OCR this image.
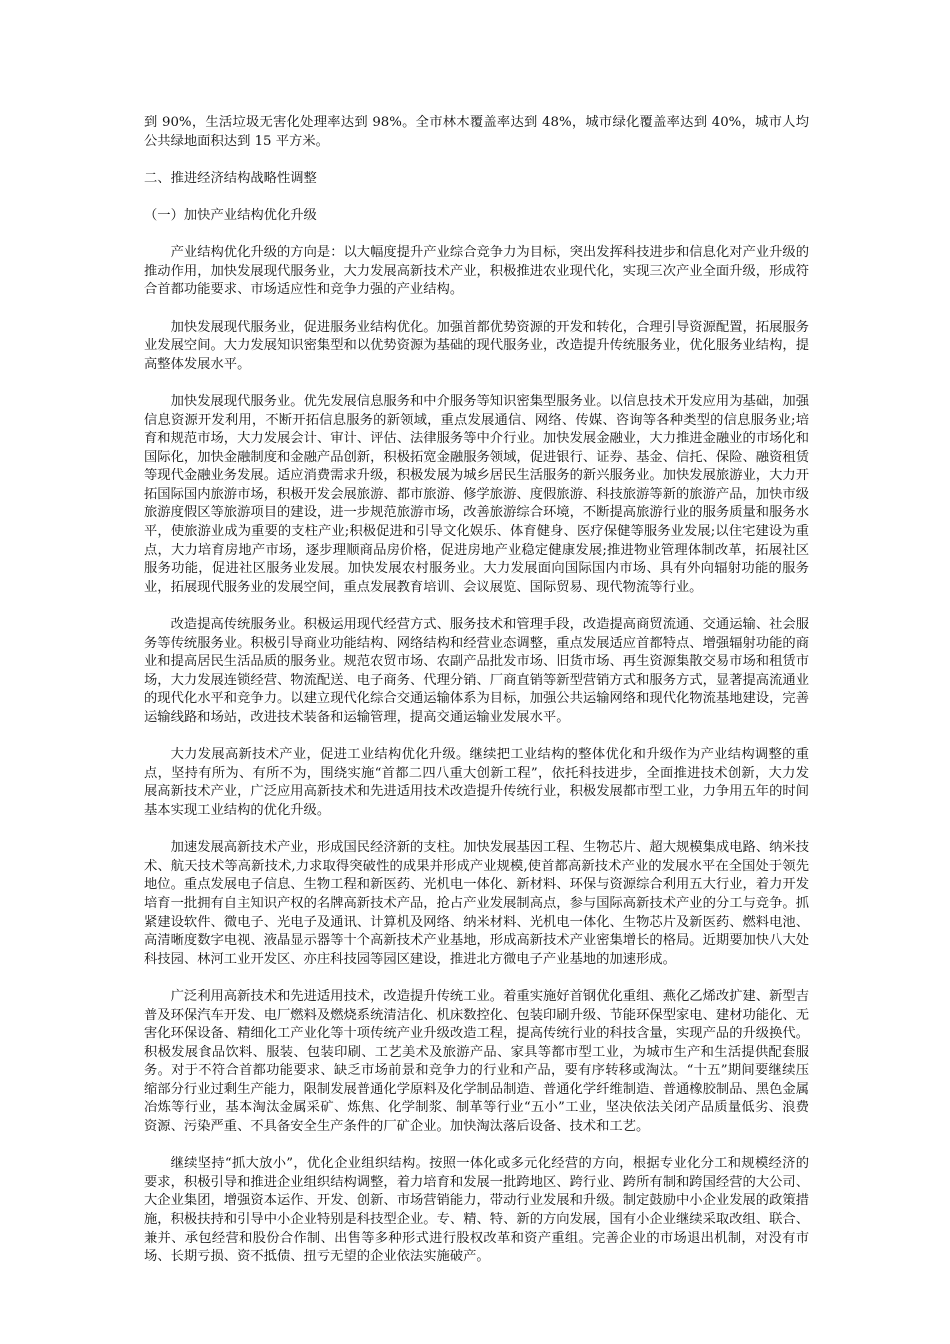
到 90%，生活垃圾无害化处理率达到 98%。全市林木覆盖率达到 48%，城市绿化覆盖率达到 40%，城市人均公共绿地面积达到 15 平方米。

二、推进经济结构战略性调整

（一）加快产业结构优化升级

产业结构优化升级的方向是：以大幅度提升产业综合竞争力为目标，突出发挥科技进步和信息化对产业升级的推动作用，加快发展现代服务业，大力发展高新技术产业，积极推进农业现代化，实现三次产业全面升级，形成符合首都功能要求、市场适应性和竞争力强的产业结构。

加快发展现代服务业，促进服务业结构优化。加强首都优势资源的开发和转化，合理引导资源配置，拓展服务业发展空间。大力发展知识密集型和以优势资源为基础的现代服务业，改造提升传统服务业，优化服务业结构，提高整体发展水平。

加快发展现代服务业。优先发展信息服务和中介服务等知识密集型服务业。以信息技术开发应用为基础，加强信息资源开发利用，不断开拓信息服务的新领域，重点发展通信、网络、传媒、咨询等各种类型的信息服务业;培育和规范市场，大力发展会计、审计、评估、法律服务等中介行业。加快发展金融业，大力推进金融业的市场化和国际化，加快金融制度和金融产品创新，积极拓宽金融服务领域，促进银行、证券、基金、信托、保险、融资租赁等现代金融业务发展。适应消费需求升级，积极发展为城乡居民生活服务的新兴服务业。加快发展旅游业，大力开拓国际国内旅游市场，积极开发会展旅游、都市旅游、修学旅游、度假旅游、科技旅游等新的旅游产品，加快市级旅游度假区等旅游项目的建设，进一步规范旅游市场，改善旅游综合环境，不断提高旅游行业的服务质量和服务水平，使旅游业成为重要的支柱产业;积极促进和引导文化娱乐、体育健身、医疗保健等服务业发展;以住宅建设为重点，大力培育房地产市场，逐步理顺商品房价格，促进房地产业稳定健康发展;推进物业管理体制改革，拓展社区服务功能，促进社区服务业发展。加快发展农村服务业。大力发展面向国际国内市场、具有外向辐射功能的服务业，拓展现代服务业的发展空间，重点发展教育培训、会议展览、国际贸易、现代物流等行业。

改造提高传统服务业。积极运用现代经营方式、服务技术和管理手段，改造提高商贸流通、交通运输、社会服务等传统服务业。积极引导商业功能结构、网络结构和经营业态调整，重点发展适应首都特点、增强辐射功能的商业和提高居民生活品质的服务业。规范农贸市场、农副产品批发市场、旧货市场、再生资源集散交易市场和租赁市场，大力发展连锁经营、物流配送、电子商务、代理分销、厂商直销等新型营销方式和服务方式，显著提高流通业的现代化水平和竞争力。以建立现代化综合交通运输体系为目标，加强公共运输网络和现代化物流基地建设，完善运输线路和场站，改进技术装备和运输管理，提高交通运输业发展水平。

大力发展高新技术产业，促进工业结构优化升级。继续把工业结构的整体优化和升级作为产业结构调整的重点，坚持有所为、有所不为，围绕实施“首都二四八重大创新工程”，依托科技进步，全面推进技术创新，大力发展高新技术产业，广泛应用高新技术和先进适用技术改造提升传统行业，积极发展都市型工业，力争用五年的时间基本实现工业结构的优化升级。

加速发展高新技术产业，形成国民经济新的支柱。加快发展基因工程、生物芯片、超大规模集成电路、纳米技术、航天技术等高新技术,力求取得突破性的成果并形成产业规模,使首都高新技术产业的发展水平在全国处于领先地位。重点发展电子信息、生物工程和新医药、光机电一体化、新材料、环保与资源综合利用五大行业，着力开发培育一批拥有自主知识产权的名牌高新技术产品，抢占产业发展制高点，参与国际高新技术产业的分工与竞争。抓紧建设软件、微电子、光电子及通讯、计算机及网络、纳米材料、光机电一体化、生物芯片及新医药、燃料电池、高清晰度数字电视、液晶显示器等十个高新技术产业基地，形成高新技术产业密集增长的格局。近期要加快八大处科技园、林河工业开发区、亦庄科技园等园区建设，推进北方微电子产业基地的加速形成。

广泛利用高新技术和先进适用技术，改造提升传统工业。着重实施好首钢优化重组、燕化乙烯改扩建、新型吉普及环保汽车开发、电厂燃料及燃烧系统清洁化、机床数控化、包装印刷升级、节能环保型家电、建材功能化、无害化环保设备、精细化工产业化等十项传统产业升级改造工程，提高传统行业的科技含量，实现产品的升级换代。积极发展食品饮料、服装、包装印刷、工艺美术及旅游产品、家具等都市型工业，为城市生产和生活提供配套服务。对于不符合首都功能要求、缺乏市场前景和竞争力的行业和产品，要有序转移或淘汰。“十五”期间要继续压缩部分行业过剩生产能力，限制发展普通化学原料及化学制品制造、普通化学纤维制造、普通橡胶制品、黑色金属冶炼等行业，基本淘汰金属采矿、炼焦、化学制浆、制革等行业“五小”工业，坚决依法关闭产品质量低劣、浪费资源、污染严重、不具备安全生产条件的厂矿企业。加快淘汰落后设备、技术和工艺。

继续坚持“抓大放小”，优化企业组织结构。按照一体化或多元化经营的方向，根据专业化分工和规模经济的要求，积极引导和推进企业组织结构调整，着力培育和发展一批跨地区、跨行业、跨所有制和跨国经营的大公司、大企业集团，增强资本运作、开发、创新、市场营销能力，带动行业发展和升级。制定鼓励中小企业发展的政策措施，积极扶持和引导中小企业特别是科技型企业。专、精、特、新的方向发展，国有小企业继续采取改组、联合、兼并、承包经营和股份合作制、出售等多种形式进行股权改革和资产重组。完善企业的市场退出机制，对没有市场、长期亏损、资不抵债、扭亏无望的企业依法实施破产。
